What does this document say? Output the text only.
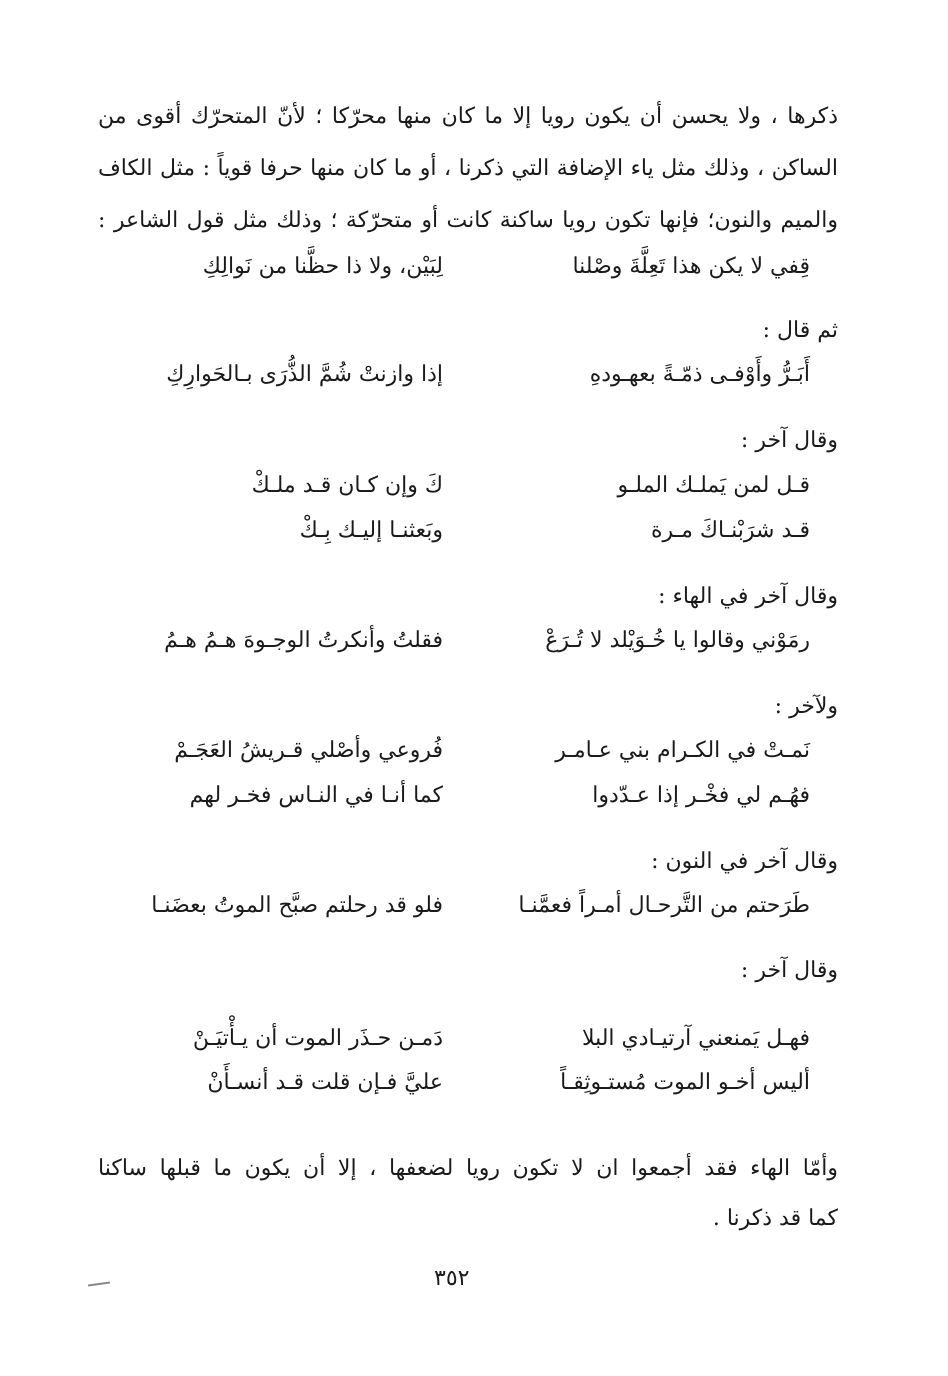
ذكرها ، ولا يحسن أن يكون رويا إلا ما كان منها محرّكا ؛ لأنّ المتحرّك أقوى من
الساكن ، وذلك مثل ياء الإضافة التي ذكرنا ، أو ما كان منها حرفا قوياً : مثل الكاف
والميم والنون؛ فإنها تكون رويا ساكنة كانت أو متحرّكة ؛ وذلك مثل قول الشاعر :
قِفي لا يكن هذا تَعِلَّةَ وصْلنا
لِبَيْن، ولا ذا حظَّنا من نَوالِكِ
ثم قال :
أَبَـرُّ وأَوْفـى ذمّـةً بعهـودهِ
إذا وازنتْ شُمَّ الذُّرَى بـالحَوارِكِ
وقال آخر :
قـل لمن يَملـك الملـو
كَ وإن كـان قـد ملـكْ
قـد شرَبْنـاكَ مـرة
وبَعثنـا إليـك بِـكْ
وقال آخر في الهاء :
رمَوْني وقالوا يا خُـوَيْلد لا تُـرَعْ
فقلتُ وأنكرتُ الوجـوهَ هـمُ هـمُ
ولآخر :
نَمـتْ في الكـرام بني عـامـر
فُروعي وأصْلي قـريشُ العَجَـمْ
فهُـم لي فخْـر إذا عـدّدوا
كما أنـا في النـاس فخـر لهم
وقال آخر في النون :
طَرَحتم من التَّرحـال أمـراً فعمَّنـا
فلو قد رحلتم صبَّح الموتُ بعضَنـا
وقال آخر :
فهـل يَمنعني آرتيـادي البلا
دَمـن حـذَر الموت أن يـأْتيَـنْ
أليس أخـو الموت مُستـوثِقـاً
عليَّ فـإن قلت قـد أنسـأَنْ
وأمّا الهاء فقد أجمعوا ان لا تكون رويا لضعفها ، إلا أن يكون ما قبلها ساكنا
كما قد ذكرنا .
٣٥٢
